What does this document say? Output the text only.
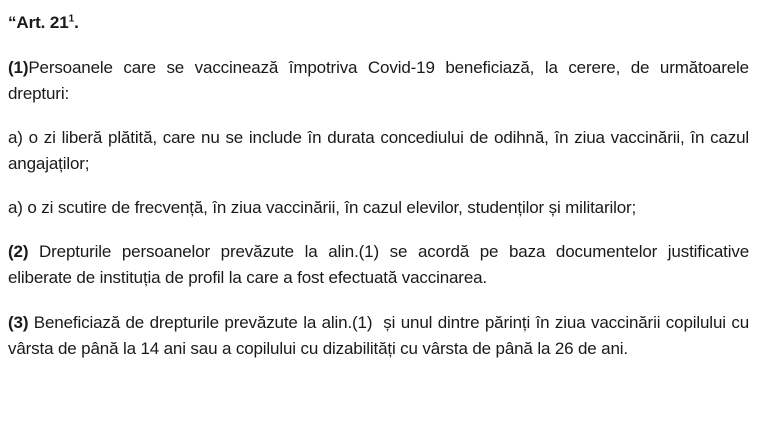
“Art. $21^1$.

(1)Persoanele care se vaccinează împotriva Covid-19 beneficiază, la cerere, de următoarele drepturi:

a) o zi liberă plătită, care nu se include în durata concediului de odihnă, în ziua vaccinării, în cazul angajaților;

a) o zi scutire de frecvență, în ziua vaccinării, în cazul elevilor, studenților și militarilor;

(2) Drepturile persoanelor prevăzute la alin.(1) se acordă pe baza documentelor justificative eliberate de instituția de profil la care a fost efectuată vaccinarea.

(3) Beneficiază de drepturile prevăzute la alin.(1)  și unul dintre părinți în ziua vaccinării copilului cu vârsta de până la 14 ani sau a copilului cu dizabilități cu vârsta de până la 26 de ani.
